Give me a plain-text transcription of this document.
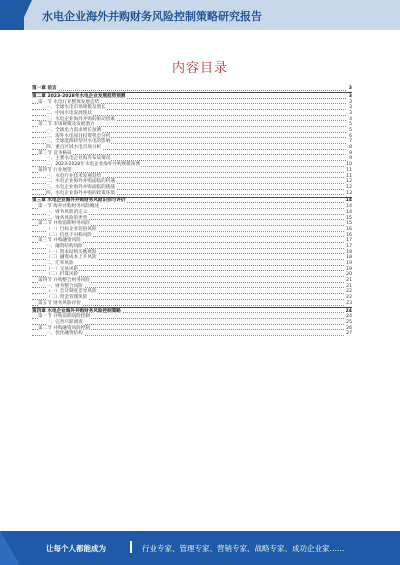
水电企业海外并购财务风险控制策略研究报告
内容目录
第一章 前言	3
第二章 2023-2028年水电企业发展趋势预测	3
第一节 水电行业整体发展态势	3
一、全球水电市场规模及增长	3
二、中国水电发展现状	3
三、水电企业海外并购的驱动因素	4
第二节 市场规模及发展潜力	5
一、全球电力需求增长预测	5
二、海外水电项目投资机会分析	6
三、全球能源转型对水电的影响	7
四、重点区域水电市场分析	8
第三节 竞争格局	9
一、主要水电企业海外布局情况	9
二、2023-2028年水电企业海外并购规模预测	10
第四节 行业展望	11
一、水电行业技术发展趋势	11
二、水电企业海外并购面临的机遇	12
三、水电企业海外并购面临的挑战	12
四、水电企业海外并购的政策环境	13
第三章 水电企业海外并购财务风险识别与评价	14
第一节 海外并购财务风险概述	14
一、财务风险的定义	14
二、财务风险的类型	15
第二节 并购前期财务风险	15
（一）目标企业估值风险	16
（二）信息不对称风险	16
第三节 并购融资风险	17
一、融资结构风险	17
（一）资本结构失衡风险	18
（二）融资成本上升风险	18
二、汇率风险	19
（一）交易风险	19
（二）折算风险	20
第四节 并购整合财务风险	21
一、财务整合风险	21
（一）会计制度差异风险	22
（二）资金管理风险	22
第五节 财务风险评价	23
第四章 水电企业海外并购财务风险控制策略	24
第一节 并购前期风险控制	24
一、完善尽职调查	25
第二节 并购融资风险控制	26
一、优化融资结构	27
让每个人都能成为	行业专家、管理专家、营销专家、战略专家、成功企业家……
